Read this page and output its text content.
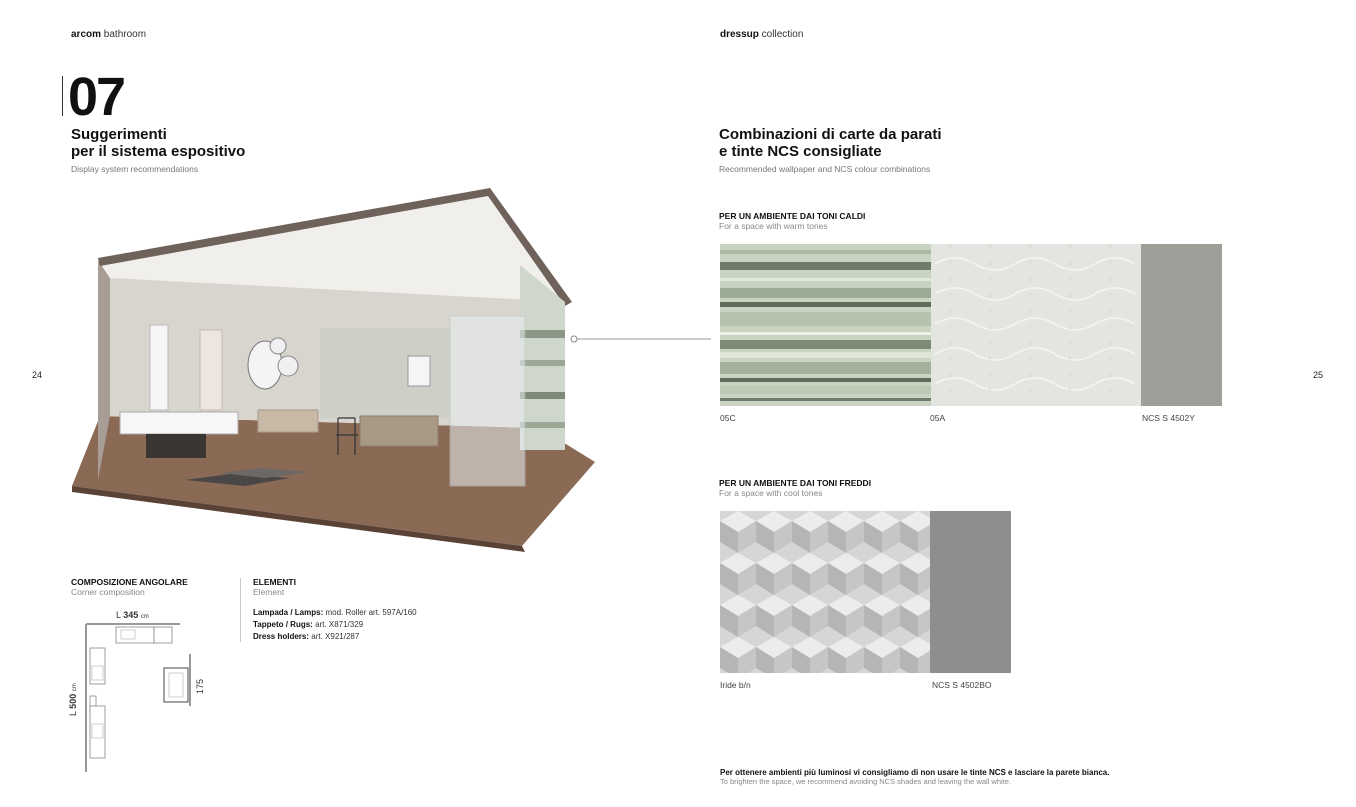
arcom bathroom
24
07
Suggerimenti
per il sistema espositivo
Display system recommendations
COMPOSIZIONE ANGOLARE
Corner composition
L 345 cm
L 500 cm	175
ELEMENTI
Element
Lampada / Lamps: mod. Roller art. 597A/160
Tappeto / Rugs: art. X871/329
Dress holders: art. X921/287
dressup collection
25
Combinazioni di carte da parati
e tinte NCS consigliate
Recommended wallpaper and NCS colour combinations
PER UN AMBIENTE DAI TONI CALDI
For a space with warm tones
05C	05A	NCS S 4502Y
PER UN AMBIENTE DAI TONI FREDDI
For a space with cool tones
Iride b/n	NCS S 4502BO
Per ottenere ambienti più luminosi vi consigliamo di non usare le tinte NCS e lasciare la parete bianca.
To brighten the space, we recommend avoiding NCS shades and leaving the wall white.
